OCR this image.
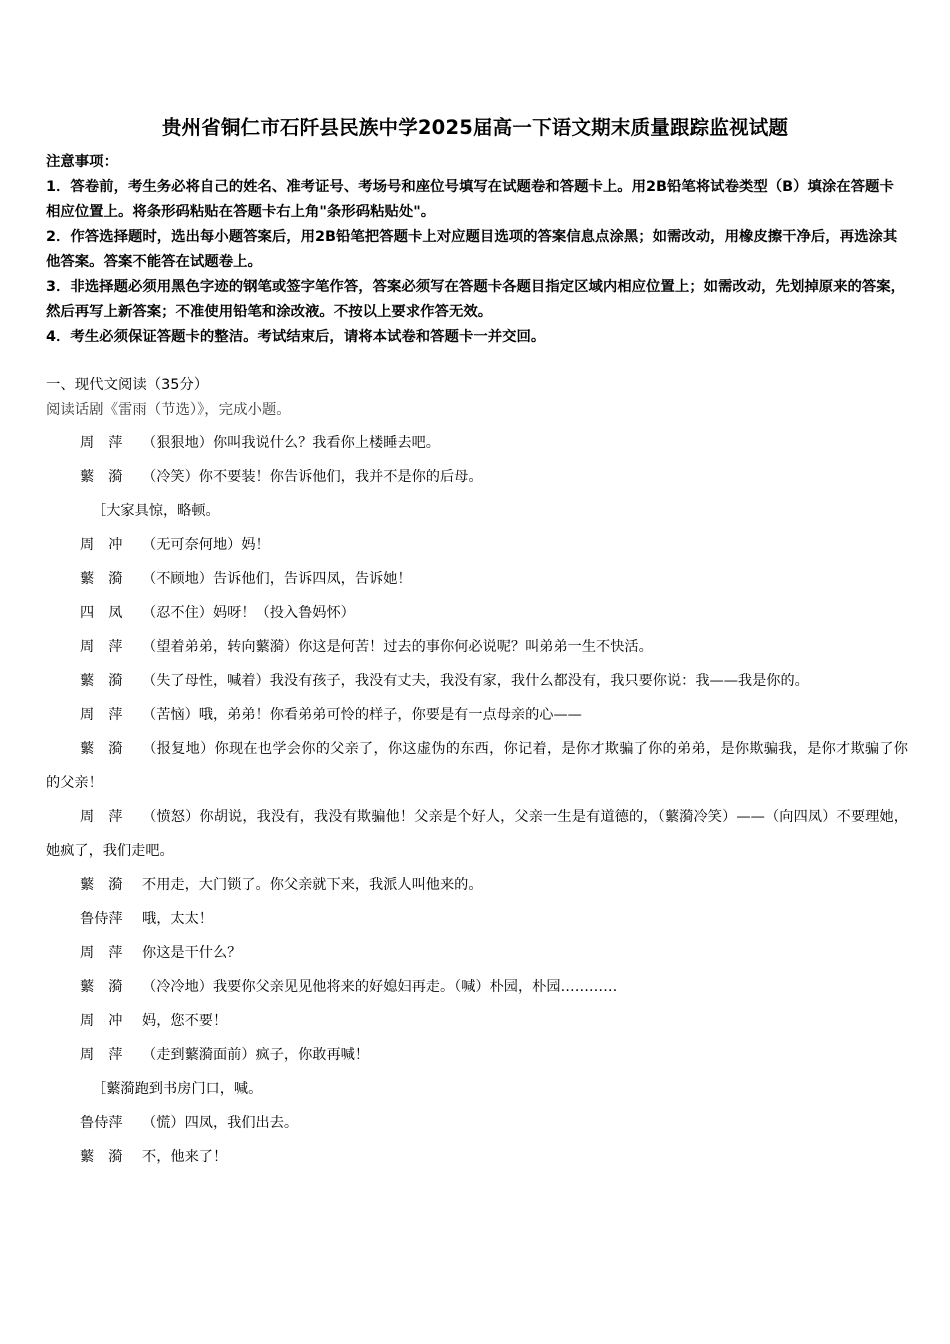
贵州省铜仁市石阡县民族中学2025届高一下语文期末质量跟踪监视试题

注意事项：

1．答卷前，考生务必将自己的姓名、准考证号、考场号和座位号填写在试题卷和答题卡上。用2B铅笔将试卷类型（B）填涂在答题卡相应位置上。将条形码粘贴在答题卡右上角"条形码粘贴处"。

2．作答选择题时，选出每小题答案后，用2B铅笔把答题卡上对应题目选项的答案信息点涂黑；如需改动，用橡皮擦干净后，再选涂其他答案。答案不能答在试题卷上。

3．非选择题必须用黑色字迹的钢笔或签字笔作答，答案必须写在答题卡各题目指定区域内相应位置上；如需改动，先划掉原来的答案，然后再写上新答案；不准使用铅笔和涂改液。不按以上要求作答无效。

4．考生必须保证答题卡的整洁。考试结束后，请将本试卷和答题卡一并交回。

一、现代文阅读（35分）
阅读话剧《雷雨（节选）》，完成小题。

周萍 （狠狠地）你叫我说什么？我看你上楼睡去吧。

蘩漪 （冷笑）你不要装！你告诉他们，我并不是你的后母。

［大家具惊，略顿。

周冲 （无可奈何地）妈！

蘩漪 （不顾地）告诉他们，告诉四凤，告诉她！

四凤 （忍不住）妈呀！（投入鲁妈怀）

周萍 （望着弟弟，转向蘩漪）你这是何苦！过去的事你何必说呢？叫弟弟一生不快活。

蘩漪 （失了母性，喊着）我没有孩子，我没有丈夫，我没有家，我什么都没有，我只要你说：我——我是你的。

周萍 （苦恼）哦，弟弟！你看弟弟可怜的样子，你要是有一点母亲的心——

蘩漪 （报复地）你现在也学会你的父亲了，你这虚伪的东西，你记着，是你才欺骗了你的弟弟，是你欺骗我，是你才欺骗了你的父亲！

周萍 （愤怒）你胡说，我没有，我没有欺骗他！父亲是个好人，父亲一生是有道德的，（蘩漪冷笑）——（向四凤）不要理她，她疯了，我们走吧。

蘩漪 不用走，大门锁了。你父亲就下来，我派人叫他来的。

鲁侍萍 哦，太太！

周萍 你这是干什么？

蘩漪 （冷冷地）我要你父亲见见他将来的好媳妇再走。（喊）朴园，朴园…………

周冲 妈，您不要！

周萍 （走到蘩漪面前）疯子，你敢再喊！

［蘩漪跑到书房门口，喊。

鲁侍萍 （慌）四凤，我们出去。

蘩漪 不，他来了！
